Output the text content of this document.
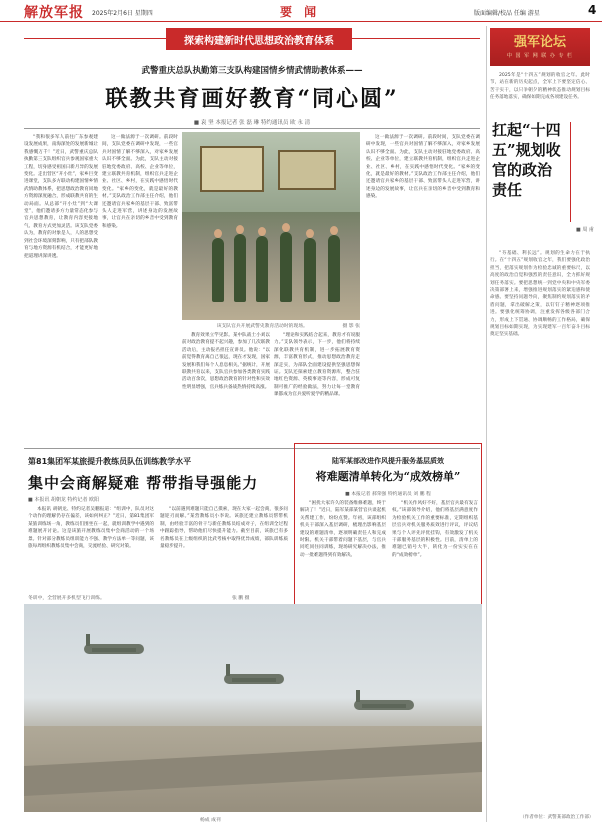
解放军报 2025年2月6日 星期四	要 闻	版面编辑/校品 任编 游星	4
探索构建新时代思想政治教育体系
武警重庆总队执勤第三支队构建国情乡情武情助教体系——
联教共育画好教育“同心圆”
■ 袁 坚 本报记者 张 磊 琳 特约通讯员 欧 永 清
“我和很多军人前往广东参观建设发展成果，南海深处的发展新城让我感慨万千！”近日，武警重庆总队执勤第三支队组织官兵参观国家重大工程，切身感受祖国日新月异的发展变化。走出营区“开小灶”，家乡巨变进课堂，支队多方联动构建国情乡情武情助教体系，把思想政治教育同地方资源深度融合，形成联教共育的生动局面。从总部“开小灶”到“大课堂”，他们邀请多方力量常态化参与官兵思想教育，让教育内容更接地气、教育方式更加灵活。该支队党委认为，教育的对象是人，人的思想受到社会环境深刻影响，只有把部队教育与地方资源有机结合，才能更好地把道理讲深讲透。
这一做法源于一次调研。前段时间，支队党委在调研中发现，一些官兵对国情了解不够深入，对家乡发展认识不够全面。为此，支队主动对接驻地党委政府、高校、企业等单位，建立联教共育机制，组织官兵走进企业、社区、乡村，在实践中感悟时代变化。“家乡的变化，就是最好的教材。”支队政治工作部主任介绍，他们还邀请官兵家乡的基层干部、致富带头人走进军营，讲述身边的发展故事，让官兵在亲切的乡音中受到教育和感染。
该支队官兵开展武警史教育活动时的现场。	摄 影 张
教育效果立竿见影。某中队战士小刘以前对政治教育提不起兴趣，参加了几次联教活动后，主动报名担任宣讲员。他说：“以前觉得教育离自己很远，现在才发现，国家发展和我们每个人息息相关。”据统计，开展联教共育以来，支队官兵参加各类教育实践活动百余次，思想政治教育的针对性和实效性明显增强，官兵练兵备战热情持续高涨。
“理论和实践结合起来，教育才有说服力。”支队领导表示，下一步，他们将持续深化联教共育机制，进一步拓展教育资源，丰富教育形式，推动思想政治教育走深走实，为部队全面建设提供坚强思想保证。支队还探索建立教育资源库，整合驻地红色资源、英模事迹等内容，形成可复制可推广的经验做法，努力让每一堂教育课都成为官兵爱听爱学的精品课。
这一做法源于一次调研。前段时间，支队党委在调研中发现，一些官兵对国情了解不够深入，对家乡发展认识不够全面。为此，支队主动对接驻地党委政府、高校、企业等单位，建立联教共育机制，组织官兵走进企业、社区、乡村，在实践中感悟时代变化。“家乡的变化，就是最好的教材。”支队政治工作部主任介绍，他们还邀请官兵家乡的基层干部、致富带头人走进军营，讲述身边的发展故事，让官兵在亲切的乡音中受到教育和感染。
第81集团军某旅提升教练员队伍训练教学水平
集中会商解疑难 帮带指导强能力
■ 本报讯 胡朝龙 特约记者 欧阳
本报讯 胡朝龙、特约记者吴鹏报道：“组训中，队员对这个动作的理解仍存在偏差，该如何纠正？”近日，第81集团军某旅训练场一角，教练员们围坐在一起，就组训教学中遇到的难题展开讨论。这是该旅开展教练员集中会商活动的一个场景。针对部分教练员组训能力不强、教学方法单一等问题，该旅每周组织教练员集中会商，交流经验、研究对策。
“以前遇到难题只能自己摸索，现在大家一起会商，很多问题迎刃而解。”某营教练员小李说。该旅还建立教练员帮带机制，由经验丰富的骨干与新任教练员结成对子，在组训全过程中跟踪指导，帮助他们尽快提升能力。截至目前，该旅已有多名教练员在上级组织的比武考核中取得优异成绩，部队训练质量稳步提升。
陆军某部改进作风提升服务基层质效
将难题清单转化为“成效榜单”
■ 本报记者 郝荣强 特约通讯员 刘 鹏 程
“困扰大家许久的装备维修难题，终于解决了！”近日，陆军某部某营官兵谈起机关帮建工作，纷纷点赞。年初，该部组织机关干部深入基层调研，梳理出影响基层建设的难题清单，逐项明确责任人和完成时限。机关干部带着问题下基层，与官兵同吃同住同训练，现场研究解决办法，推动一批难题得到有效解决。
“机关作风好不好，基层官兵最有发言权。”该部领导介绍，他们将基层满意度作为检验机关工作的重要标准，定期组织基层官兵对机关服务质效进行评议，评议结果与个人评先评优挂钩，有效激发了机关干部服务基层的积极性。目前，清单上的难题已销号大半，转化为一份实实在在的“成效榜单”。
冬训中，全营展开多机型飞行训练。	张 鹏 摄
杨成 成刊
强军论坛
中 国 军 网 联 办 专 栏
2025年是“十四五”规划的收官之年。此时节，站在新的历史起点，全军上下要坚定信心、苦干实干，以只争朝夕的精神状态推动规划目标任务落地落实，确保如期完成各项建设任务。
扛起“十四五”规划收官的政治责任
■ 周 甫
“夯基础、利长远”。规划的生命力在于执行。在“十四五”规划收官之年，我们要强化政治担当，把落实规划作为检验忠诚的重要标尺，以高度的政治自觉和强烈的责任意识，全力抓好规划任务落实。要把思想统一到党中央和中央军委决策部署上来，增强推进规划落实的紧迫感和使命感。要坚持问题导向，聚焦制约规划落实的矛盾问题，拿出破解之策，以钉钉子精神逐项推进。要强化统筹协调，注重发挥各级各部门合力，形成上下贯通、协调顺畅的工作格局，确保规划目标如期实现，为实现建军一百年奋斗目标奠定坚实基础。
（作者单位：武警某部政治工作部）
